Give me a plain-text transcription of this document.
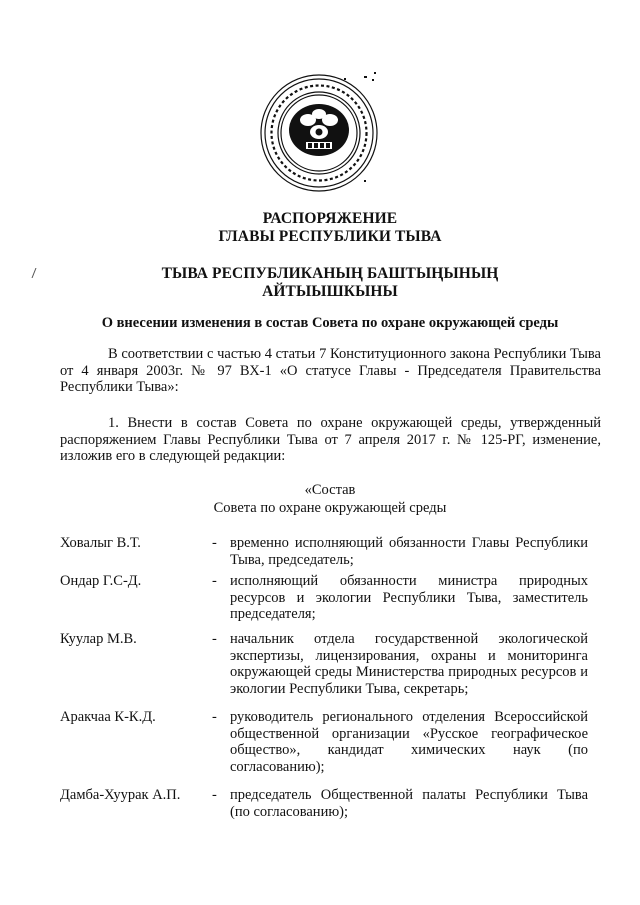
РАСПОРЯЖЕНИЕ
ГЛАВЫ РЕСПУБЛИКИ ТЫВА
ТЫВА РЕСПУБЛИКАНЫҢ БАШТЫҢЫНЫҢ
АЙТЫЫШКЫНЫ
О внесении изменения в состав Совета по охране окружающей среды
В соответствии с частью 4 статьи 7 Конституционного закона Республики Тыва от 4 января 2003г. № 97 ВХ-1 «О статусе Главы - Председателя Правительства Республики Тыва»:
1. Внести в состав Совета по охране окружающей среды, утвержденный распоряжением Главы Республики Тыва от 7 апреля 2017 г. № 125-РГ, изменение, изложив его в следующей редакции:
«Состав
Совета по охране окружающей среды
Ховалыг В.Т.	- временно исполняющий обязанности Главы Республики Тыва, председатель;
Ондар Г.С-Д.	- исполняющий обязанности министра природных ресурсов и экологии Республики Тыва, заместитель председателя;
Куулар М.В.	- начальник отдела государственной экологической экспертизы, лицензирования, охраны и мониторинга окружающей среды Министерства природных ресурсов и экологии Республики Тыва, секретарь;
Аракчаа К-К.Д.	- руководитель регионального отделения Всероссийской общественной организации «Русское географическое общество», кандидат химических наук (по согласованию);
Дамба-Хуурак А.П.	- председатель Общественной палаты Республики Тыва (по согласованию);
